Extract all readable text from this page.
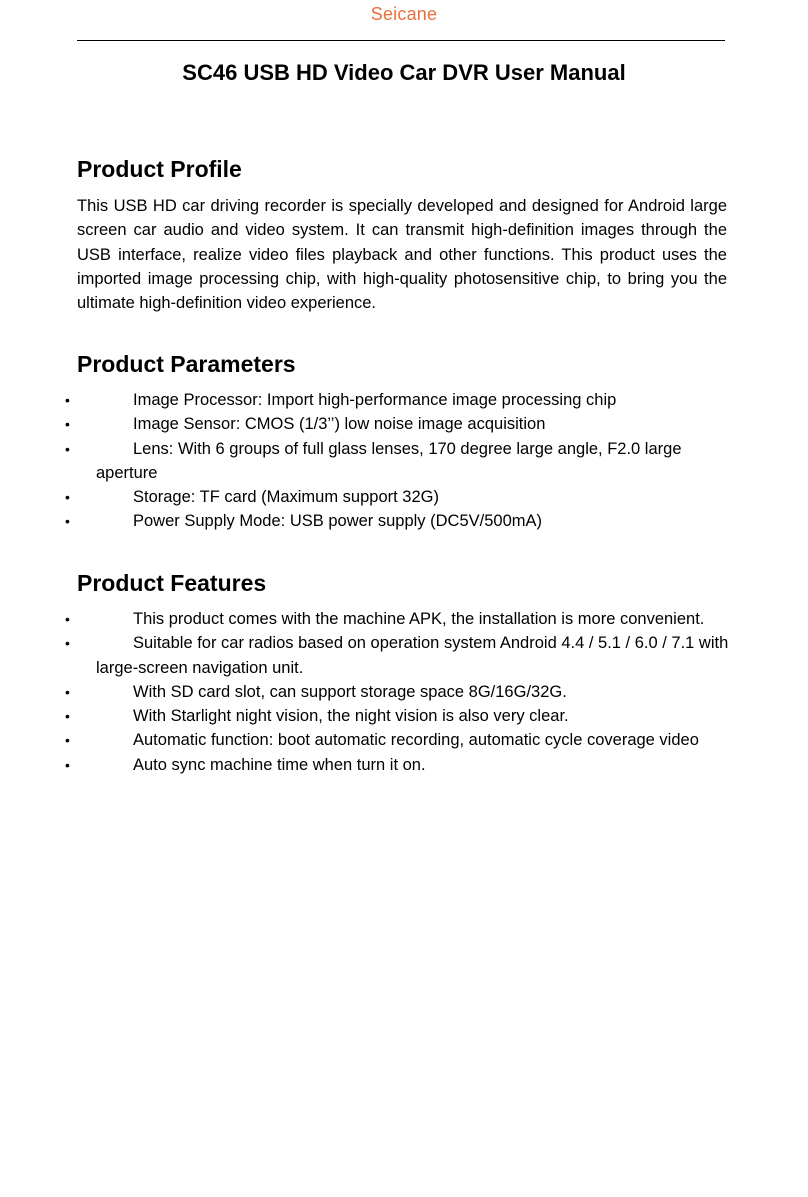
Seicane
SC46 USB HD Video Car DVR User Manual
Product Profile

This USB HD car driving recorder is specially developed and designed for Android large screen car audio and video system. It can transmit high-definition images through the USB interface, realize video files playback and other functions. This product uses the imported image processing chip, with high-quality photosensitive chip, to bring you the ultimate high-definition video experience.

Product Parameters
•	Image Processor: Import high-performance image processing chip
•	Image Sensor: CMOS (1/3’’) low noise image acquisition
•	Lens: With 6 groups of full glass lenses, 170 degree large angle, F2.0 large aperture
•	Storage: TF card (Maximum support 32G)
•	Power Supply Mode: USB power supply (DC5V/500mA)
Product Features
•	This product comes with the machine APK, the installation is more convenient.
•	Suitable for car radios based on operation system Android 4.4 / 5.1 / 6.0 / 7.1 with large-screen navigation unit.
•	With SD card slot, can support storage space 8G/16G/32G.
•	With Starlight night vision, the night vision is also very clear.
•	Automatic function: boot automatic recording, automatic cycle coverage video
•	Auto sync machine time when turn it on.
